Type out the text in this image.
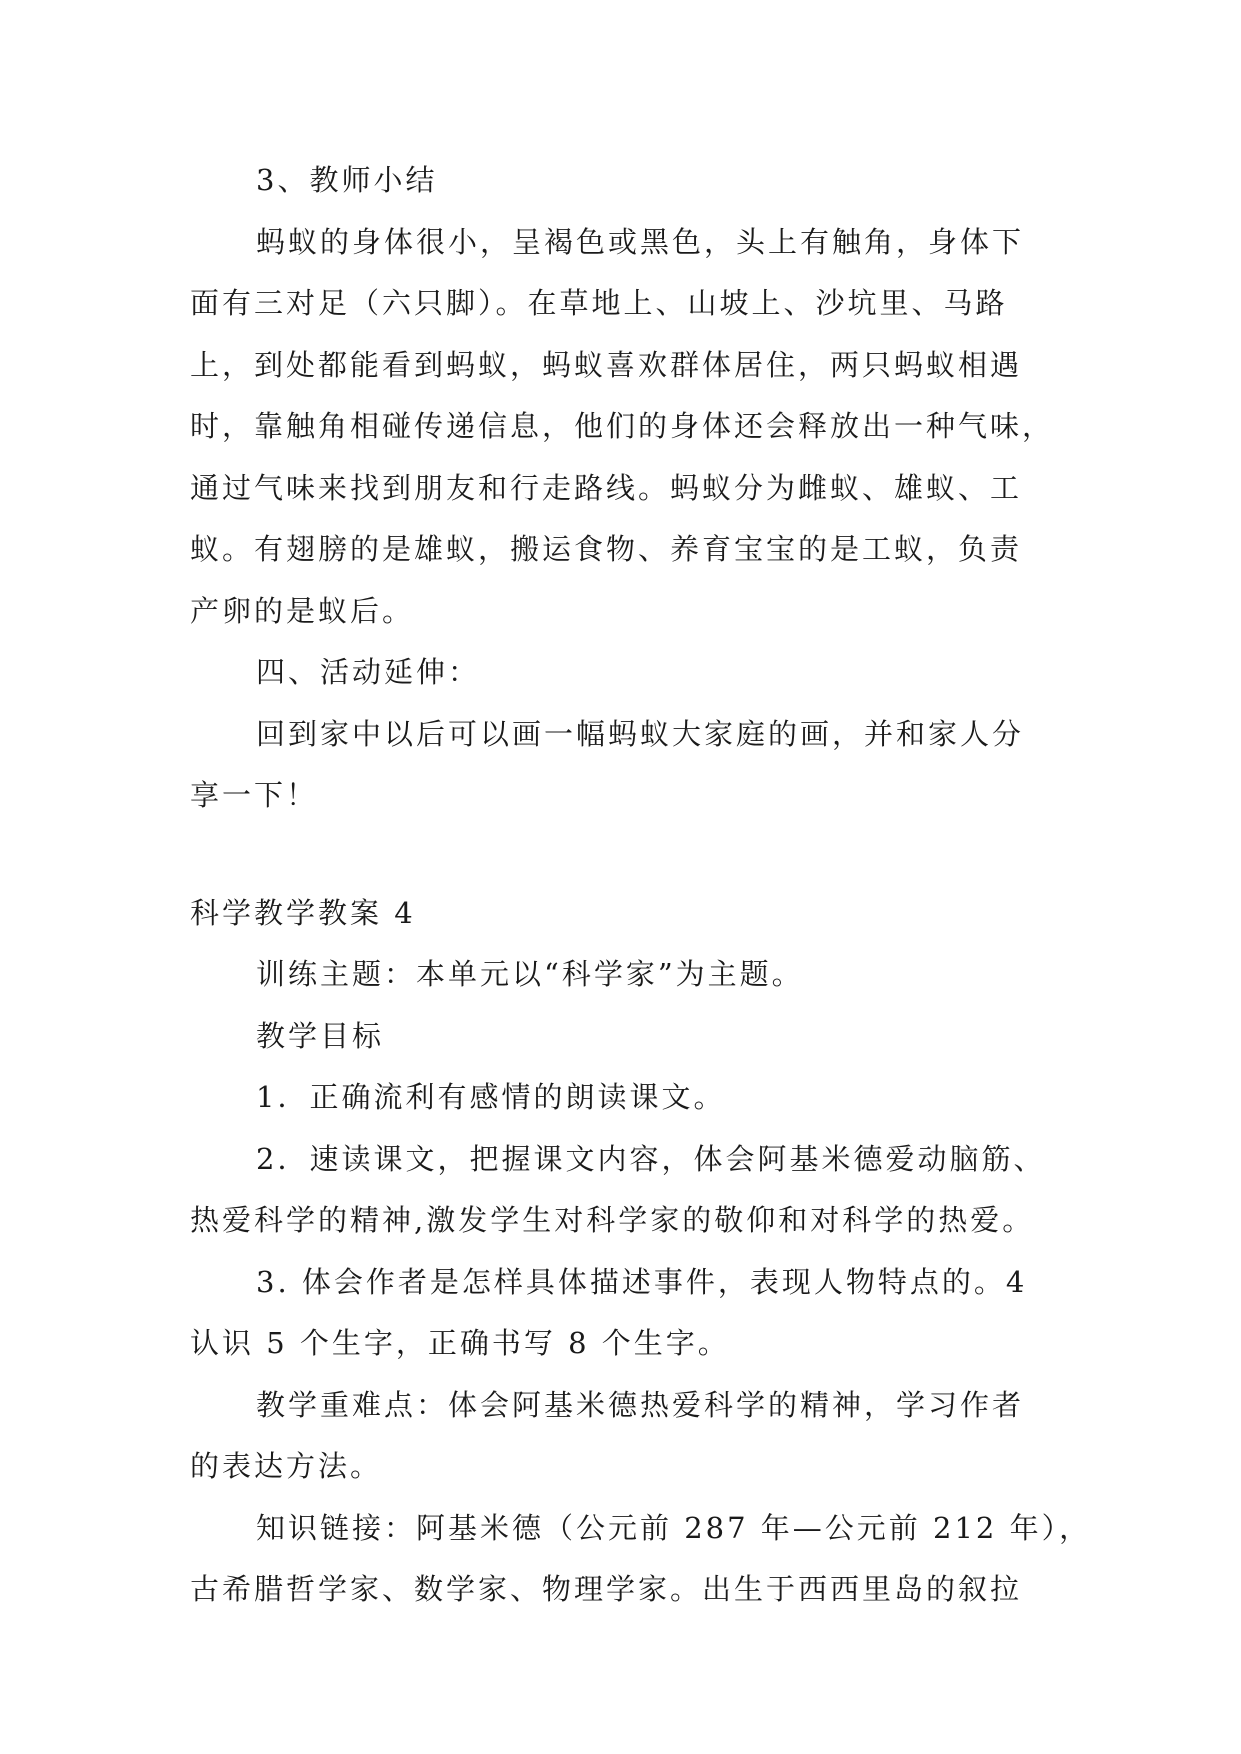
3、教师小结
蚂蚁的身体很小，呈褐色或黑色，头上有触角，身体下
面有三对足（六只脚）。在草地上、山坡上、沙坑里、马路
上，到处都能看到蚂蚁，蚂蚁喜欢群体居住，两只蚂蚁相遇
时，靠触角相碰传递信息，他们的身体还会释放出一种气味，
通过气味来找到朋友和行走路线。蚂蚁分为雌蚁、雄蚁、工
蚁。有翅膀的是雄蚁，搬运食物、养育宝宝的是工蚁，负责
产卵的是蚁后。
四、活动延伸：
回到家中以后可以画一幅蚂蚁大家庭的画，并和家人分
享一下！
科学教学教案 4
训练主题：本单元以“科学家”为主题。
教学目标
1．正确流利有感情的朗读课文。
2．速读课文，把握课文内容，体会阿基米德爱动脑筋、
热爱科学的精神,激发学生对科学家的敬仰和对科学的热爱。
3. 体会作者是怎样具体描述事件，表现人物特点的。4
认识 5 个生字，正确书写 8 个生字。
教学重难点：体会阿基米德热爱科学的精神，学习作者
的表达方法。
知识链接：阿基米德（公元前 287 年—公元前 212 年），
古希腊哲学家、数学家、物理学家。出生于西西里岛的叙拉
